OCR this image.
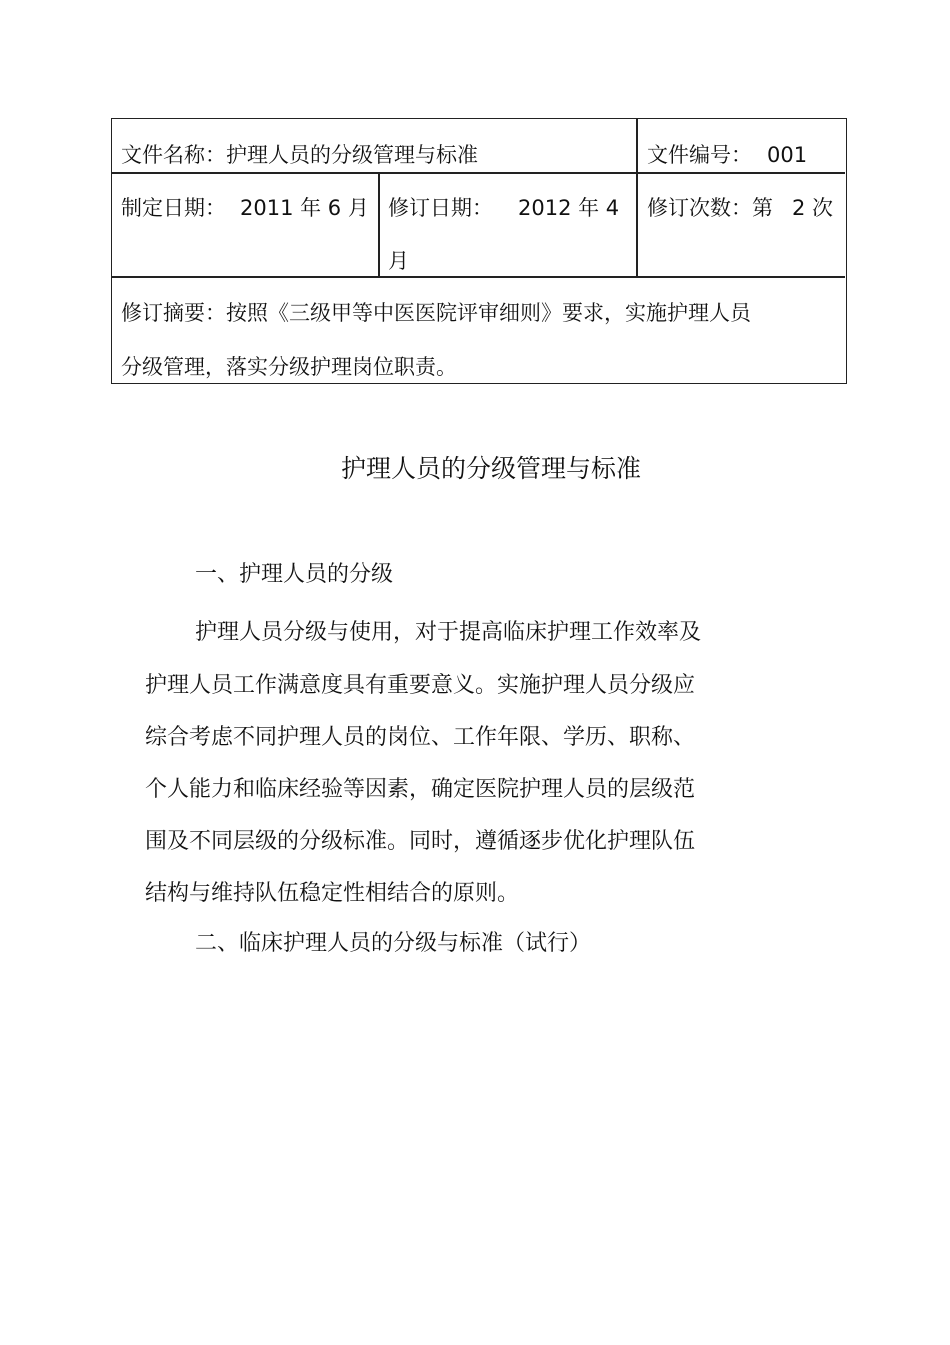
文件名称：护理人员的分级管理与标准	文件编号： 001
制定日期： 2011 年 6 月 修订日期： 2012 年 4
月
修订次数：第 2 次
修订摘要：按照《三级甲等中医医院评审细则》要求，实施护理人员
分级管理，落实分级护理岗位职责。
护理人员的分级管理与标准
一、护理人员的分级
护理人员分级与使用，对于提高临床护理工作效率及
护理人员工作满意度具有重要意义。实施护理人员分级应
综合考虑不同护理人员的岗位、工作年限、学历、职称、
个人能力和临床经验等因素，确定医院护理人员的层级范
围及不同层级的分级标准。同时，遵循逐步优化护理队伍
结构与维持队伍稳定性相结合的原则。
二、临床护理人员的分级与标准（试行）
